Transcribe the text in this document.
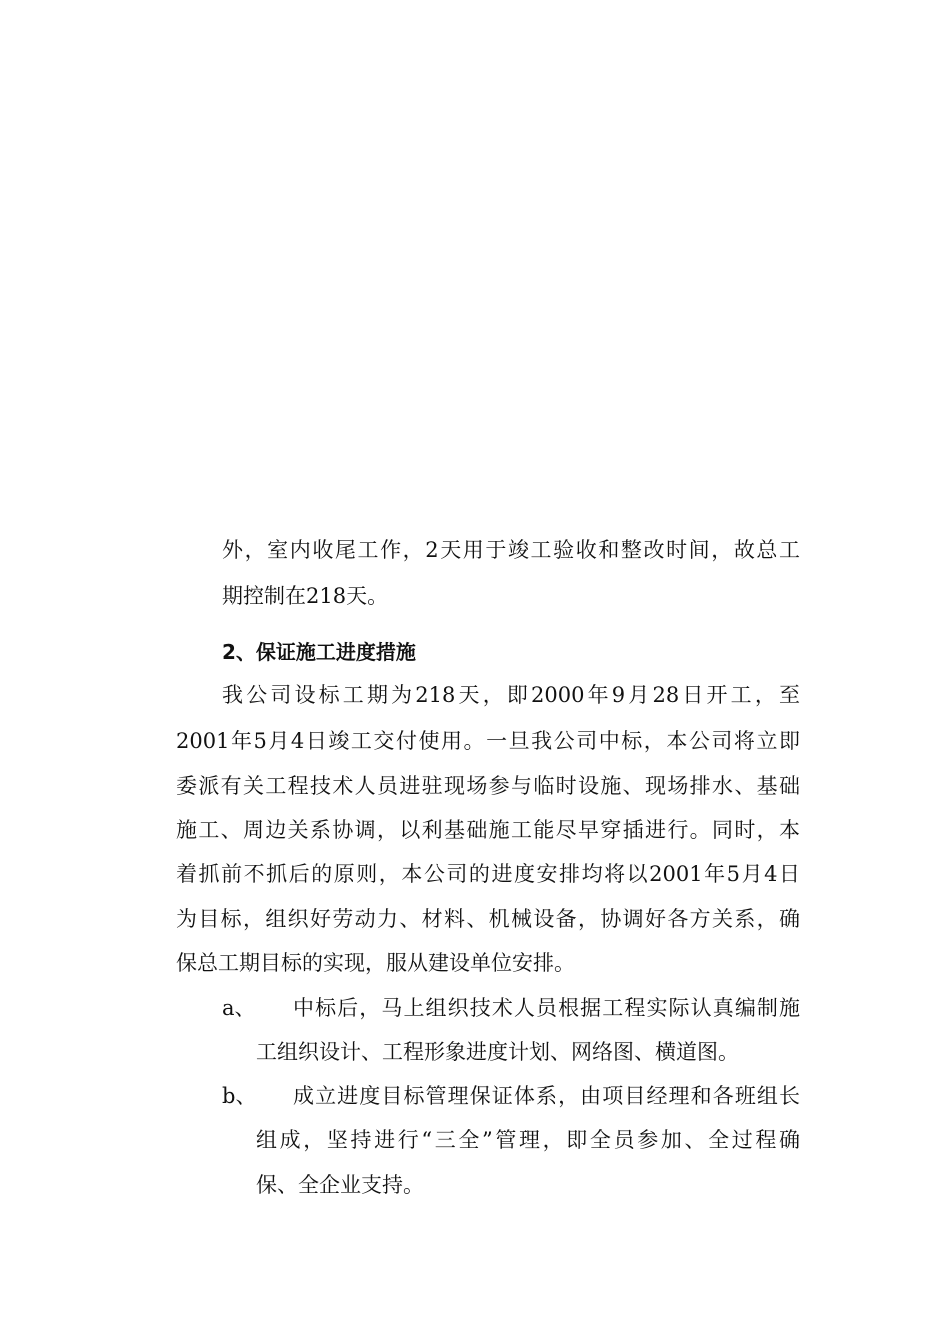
外，室内收尾工作，2天用于竣工验收和整改时间，故总工
期控制在218天。
2、保证施工进度措施
我公司设标工期为218天，即2000年9月28日开工，至
2001年5月4日竣工交付使用。一旦我公司中标，本公司将立即
委派有关工程技术人员进驻现场参与临时设施、现场排水、基础
施工、周边关系协调，以利基础施工能尽早穿插进行。同时，本
着抓前不抓后的原则，本公司的进度安排均将以2001年5月4日
为目标，组织好劳动力、材料、机械设备，协调好各方关系，确
保总工期目标的实现，服从建设单位安排。
a、 中标后，马上组织技术人员根据工程实际认真编制施
工组织设计、工程形象进度计划、网络图、横道图。
b、 成立进度目标管理保证体系，由项目经理和各班组长
组成，坚持进行“三全”管理，即全员参加、全过程确
保、全企业支持。
